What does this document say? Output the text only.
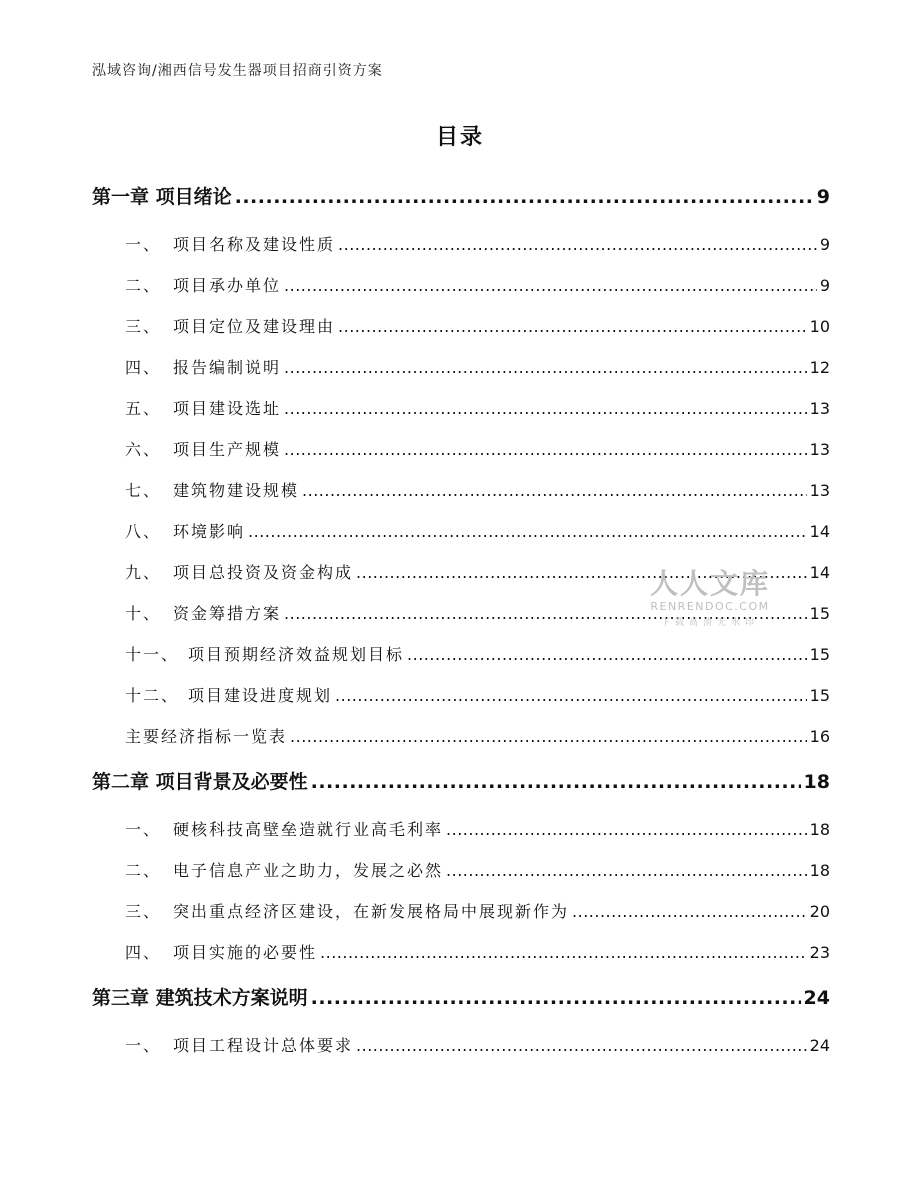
泓域咨询/湘西信号发生器项目招商引资方案
目录
第一章 项目绪论 .....	9
一、 项目名称及建设性质 .....	9
二、 项目承办单位 .....	9
三、 项目定位及建设理由 .....	10
四、 报告编制说明 .....	12
五、 项目建设选址 .....	13
六、 项目生产规模 .....	13
七、 建筑物建设规模 .....	13
八、 环境影响 .....	14
九、 项目总投资及资金构成 .....	14
十、 资金筹措方案 .....	15
十一、 项目预期经济效益规划目标 .....	15
十二、 项目建设进度规划 .....	15
主要经济指标一览表 .....	16
第二章 项目背景及必要性 .....	18
一、 硬核科技高壁垒造就行业高毛利率 .....	18
二、 电子信息产业之助力，发展之必然 .....	18
三、 突出重点经济区建设，在新发展格局中展现新作为 .....	20
四、 项目实施的必要性 .....	23
第三章 建筑技术方案说明 .....	24
一、 项目工程设计总体要求 .....	24
人人文库
RENRENDOC.COM
下载高清无水印
